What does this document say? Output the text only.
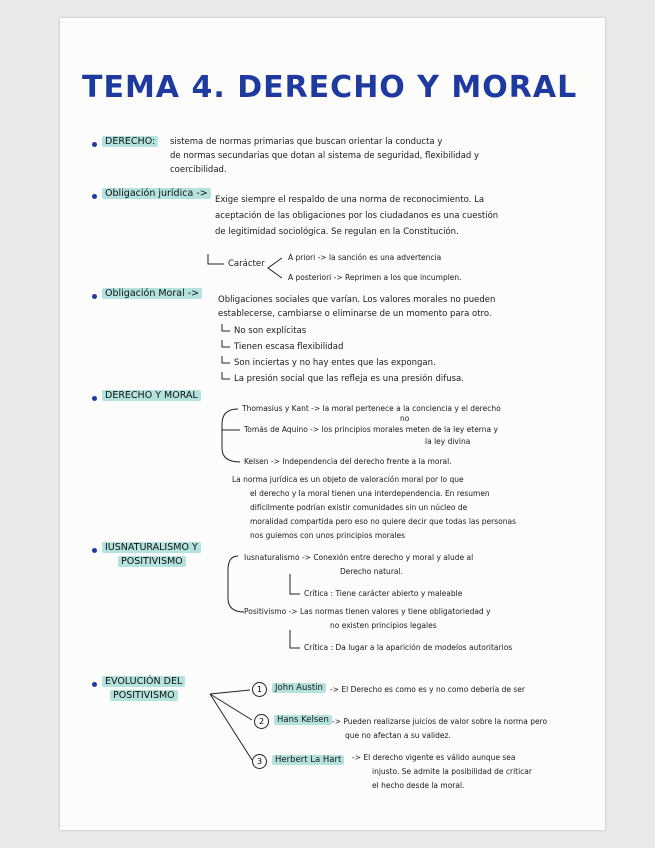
TEMA 4. DERECHO Y MORAL
DERECHO:	sistema de normas primarias que buscan orientar la conducta y
de normas secundarias que dotan al sistema de seguridad, flexibilidad y
coercibilidad.
Obligación jurídica ->
Exige siempre el respaldo de una norma de reconocimiento. La
aceptación de las obligaciones por los ciudadanos es una cuestión
de legitimidad sociológica. Se regulan en la Constitución.
Carácter
A priori -> la sanción es una advertencia
A posteriori -> Reprimen a los que incumplen.
Obligación Moral ->
Obligaciones sociales que varían. Los valores morales no pueden
establecerse, cambiarse o eliminarse de un momento para otro.
No son explícitas
Tienen escasa flexibilidad
Son inciertas y no hay entes que las expongan.
La presión social que las refleja es una presión difusa.
DERECHO Y MORAL
Thomasius y Kant -> la moral pertenece a la conciencia y el derecho
no
Tomás de Aquino -> los principios morales meten de la ley eterna y
la ley divina
Kelsen -> Independencia del derecho frente a la moral.
La norma jurídica es un objeto de valoración moral por lo que
el derecho y la moral tienen una interdependencia. En resumen
difícilmente podrían existir comunidades sin un núcleo de
moralidad compartida pero eso no quiere decir que todas las personas
nos guiemos con unos principios morales
IUSNATURALISMO Y
POSITIVISMO	Iusnaturalismo -> Conexión entre derecho y moral y alude al
Derecho natural.
Crítica : Tiene carácter abierto y maleable
Positivismo -> Las normas tienen valores y tiene obligatoriedad y
no existen principios legales
Crítica : Da lugar a la aparición de modelos autoritarios
EVOLUCIÓN DEL
POSITIVISMO
1	John Austin -> El Derecho es como es y no como debería de ser
2	Hans Kelsen -> Pueden realizarse juicios de valor sobre la norma pero
que no afectan a su validez.
3	Herbert La Hart	-> El derecho vigente es válido aunque sea
injusto. Se admite la posibilidad de criticar
el hecho desde la moral.
